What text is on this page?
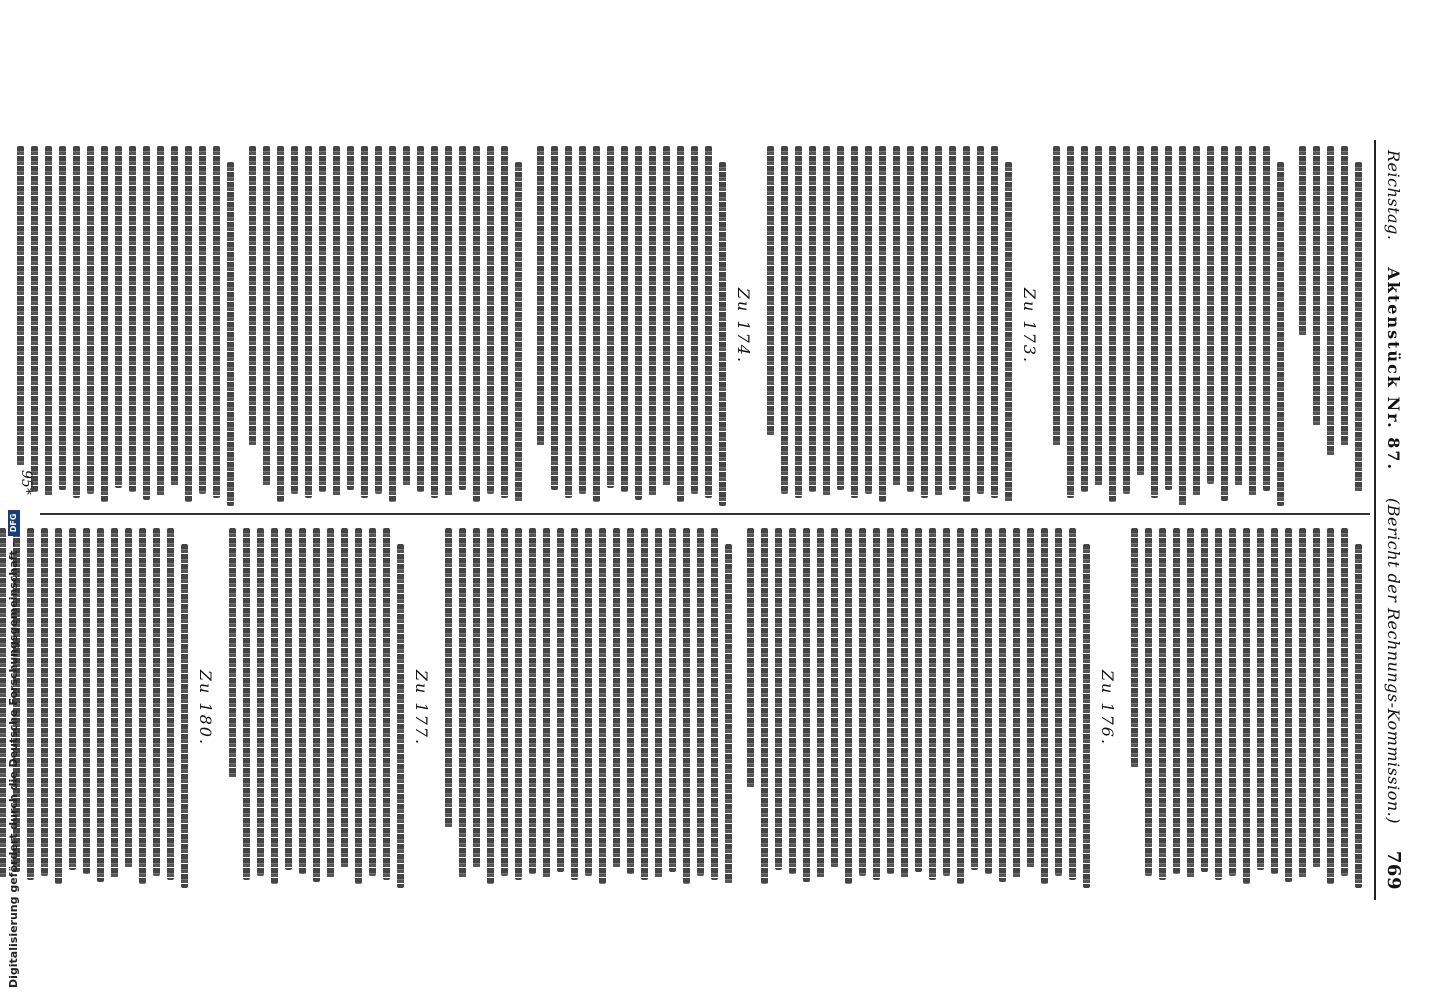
Reichstag.
Aktenstück Nr. 87.
(Bericht der Rechnungs-Kommission.)
769
Zu 173.
Zu 174.
Zu 176.
Zu 177.
Zu 180.
95*
Digitalisierung gefördert durch die Deutsche Forschungsgemeinschaft -
DFG
